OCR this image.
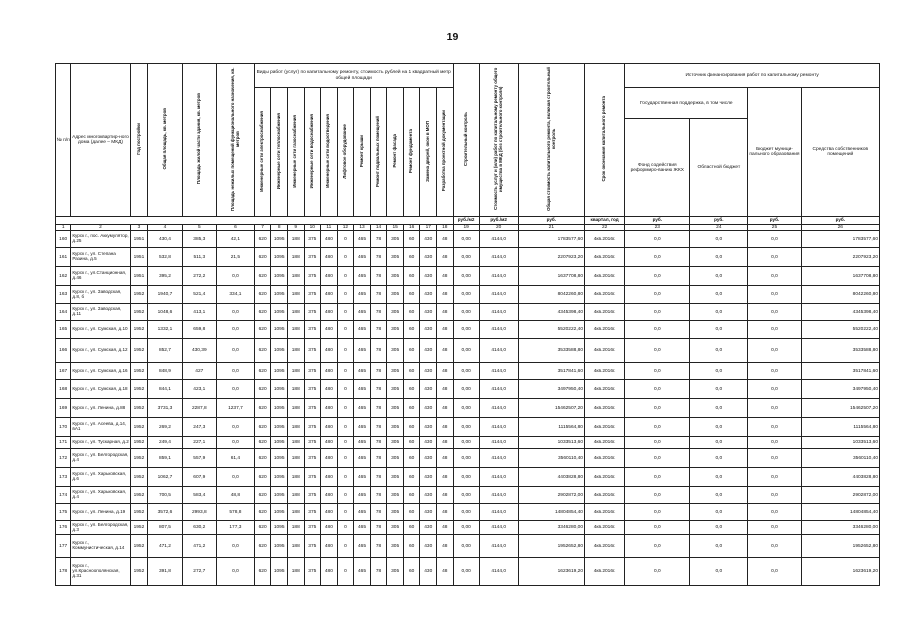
19
№ п/п	Адрес многоквартир-ного дома (далее – МКД)	Год постройки	Общая площадь, кв. метров	Площадь жилой части здания, кв. метров	Площадь нежилых помещений функционального назначения, кв. метров	Виды работ (услуг) по капитальному ремонту, стоимость рублей на 1 квадратный метр общей площади												Строительный контроль	Стоимость услуг и (или) работ по капитальному ремонту общего имущества в МКД (без строительного контроля)	Общая стоимость капитального ремонта, включая строительный контроль	Срок окончания капитального ремонта	Источник финансирования работ по капитальному ремонту			
						Инженерные сети электроснабжения	Инженерные сети теплоснабжения	Инженерные сети газоснабжения	Инженерные сети водоснабжения	Инженерные сети водоотведения	Лифтовое оборудование	Ремонт крыши	Ремонт подвальных помещений	Ремонт фасада	Ремонт фундамента	Замена дверей, окон в МОП	Разработка проектной документации					Государственная поддержка, в том числе		Бюджет муници-пального образования	Средства собственников помещений
																						Фонд содействия реформиро-ванию ЖКХ	Областной бюджет		
																		руб./м2	руб./м2	руб.	квартал, год	руб.	руб.	руб.	руб.
1	2	3	4	5	6	7	8	9	10	11	12	13	14	15	16	17	18	19	20	21	22	23	24	25	26
160	Курск г., пос. Аккумулятор, д.25	1951	430,4	385,3	42,1	620	1095	188	375	480	0	465	78	305	60	430	48	0,00	4144,0	1783577,60	4кв.2016г.	0,0	0,0	0,0	1783577,60
161	Курск г., ул. Степана Разина, д.5	1951	532,8	511,3	21,5	620	1095	188	375	480	0	465	78	305	60	430	48	0,00	4144,0	2207923,20	4кв.2016г.	0,0	0,0	0,0	2207923,20
162	Курск г., ул.Станционная, д.46	1951	395,2	272,2	0,0	620	1095	188	375	480	0	465	78	305	60	430	48	0,00	4144,0	1637708,80	4кв.2016г.	0,0	0,0	0,0	1637708,80
163	Курск г., ул. Заводская, д.8, б	1952	1940,7	521,4	334,1	620	1095	188	375	480	0	465	78	305	60	430	48	0,00	4144,0	8042260,80	4кв.2016г.	0,0	0,0	0,0	8042260,80
164	Курск г., ул. Заводская, д.11	1952	1048,6	413,1	0,0	620	1095	188	375	480	0	465	78	305	60	430	48	0,00	4144,0	4345398,40	4кв.2016г.	0,0	0,0	0,0	4345398,40
165	Курск г., ул. Сумская, д.10	1952	1332,1	659,8	0,0	620	1095	188	375	480	0	465	78	305	60	430	48	0,00	4144,0	5520222,40	4кв.2016г.	0,0	0,0	0,0	5520222,40
166	Курск г., ул. Сумская, д.12	1952	852,7	430,39	0,0	620	1095	188	375	480	0	465	78	305	60	430	48	0,00	4144,0	3533588,80	4кв.2016г.	0,0	0,0	0,0	3533588,80
167	Курск г., ул. Сумская, д.16	1952	848,9	427	0,0	620	1095	188	375	480	0	465	78	305	60	430	48	0,00	4144,0	3517841,60	4кв.2016г.	0,0	0,0	0,0	3517841,60
168	Курск г., ул. Сумская, д.18	1952	844,1	423,1	0,0	620	1095	188	375	480	0	465	78	305	60	430	48	0,00	4144,0	3497950,40	4кв.2016г.	0,0	0,0	0,0	3497950,40
169	Курск г., ул. Ленина, д.88	1952	3731,3	2287,8	1237,7	620	1095	188	375	480	0	465	78	305	60	430	48	0,00	4144,0	15462507,20	4кв.2016г.	0,0	0,0	0,0	15462507,20
170	Курск г., ул. Асеева, д.14, вА1	1952	269,2	247,3	0,0	620	1095	188	375	480	0	465	78	305	60	430	48	0,00	4144,0	1115564,80	4кв.2016г.	0,0	0,0	0,0	1115564,80
171	Курск г., ул. Тускарная, д.2	1952	249,4	227,1	0,0	620	1095	188	375	480	0	465	78	305	60	430	48	0,00	4144,0	1033513,60	4кв.2016г.	0,0	0,0	0,0	1033513,60
172	Курск г., ул. Белгородская, д.4	1952	859,1	557,9	61,4	620	1095	188	375	480	0	465	78	305	60	430	48	0,00	4144,0	3560110,40	4кв.2016г.	0,0	0,0	0,0	3560110,40
173	Курск г., ул. Харьковская, д.6	1952	1062,7	607,9	0,0	620	1095	188	375	480	0	465	78	305	60	430	48	0,00	4144,0	4403828,80	4кв.2016г.	0,0	0,0	0,0	4403828,80
174	Курск г., ул. Харьковская, д.4	1952	700,5	583,4	48,8	620	1095	188	375	480	0	465	78	305	60	430	48	0,00	4144,0	2902872,00	4кв.2016г.	0,0	0,0	0,0	2902872,00
175	Курск г., ул. Ленина, д.19	1952	3572,6	2993,8	578,8	620	1095	188	375	480	0	465	78	305	60	430	48	0,00	4144,0	14804854,40	4кв.2016г.	0,0	0,0	0,0	14804854,40
176	Курск г., ул. Белгородская, д.3	1952	807,5	630,2	177,3	620	1095	188	375	480	0	465	78	305	60	430	48	0,00	4144,0	3346280,00	4кв.2016г.	0,0	0,0	0,0	3346280,00
177	Курск г., Коммунистическая, д.14	1952	471,2	471,2	0,0	620	1095	188	375	480	0	465	78	305	60	430	48	0,00	4144,0	1952652,80	4кв.2016г.	0,0	0,0	0,0	1952652,80
178	Курск г., ул.Красноополянская, д.31	1952	391,8	272,7	0,0	620	1095	188	375	480	0	465	78	305	60	430	48	0,00	4144,0	1623619,20	4кв.2016г.	0,0	0,0	0,0	1623619,20
